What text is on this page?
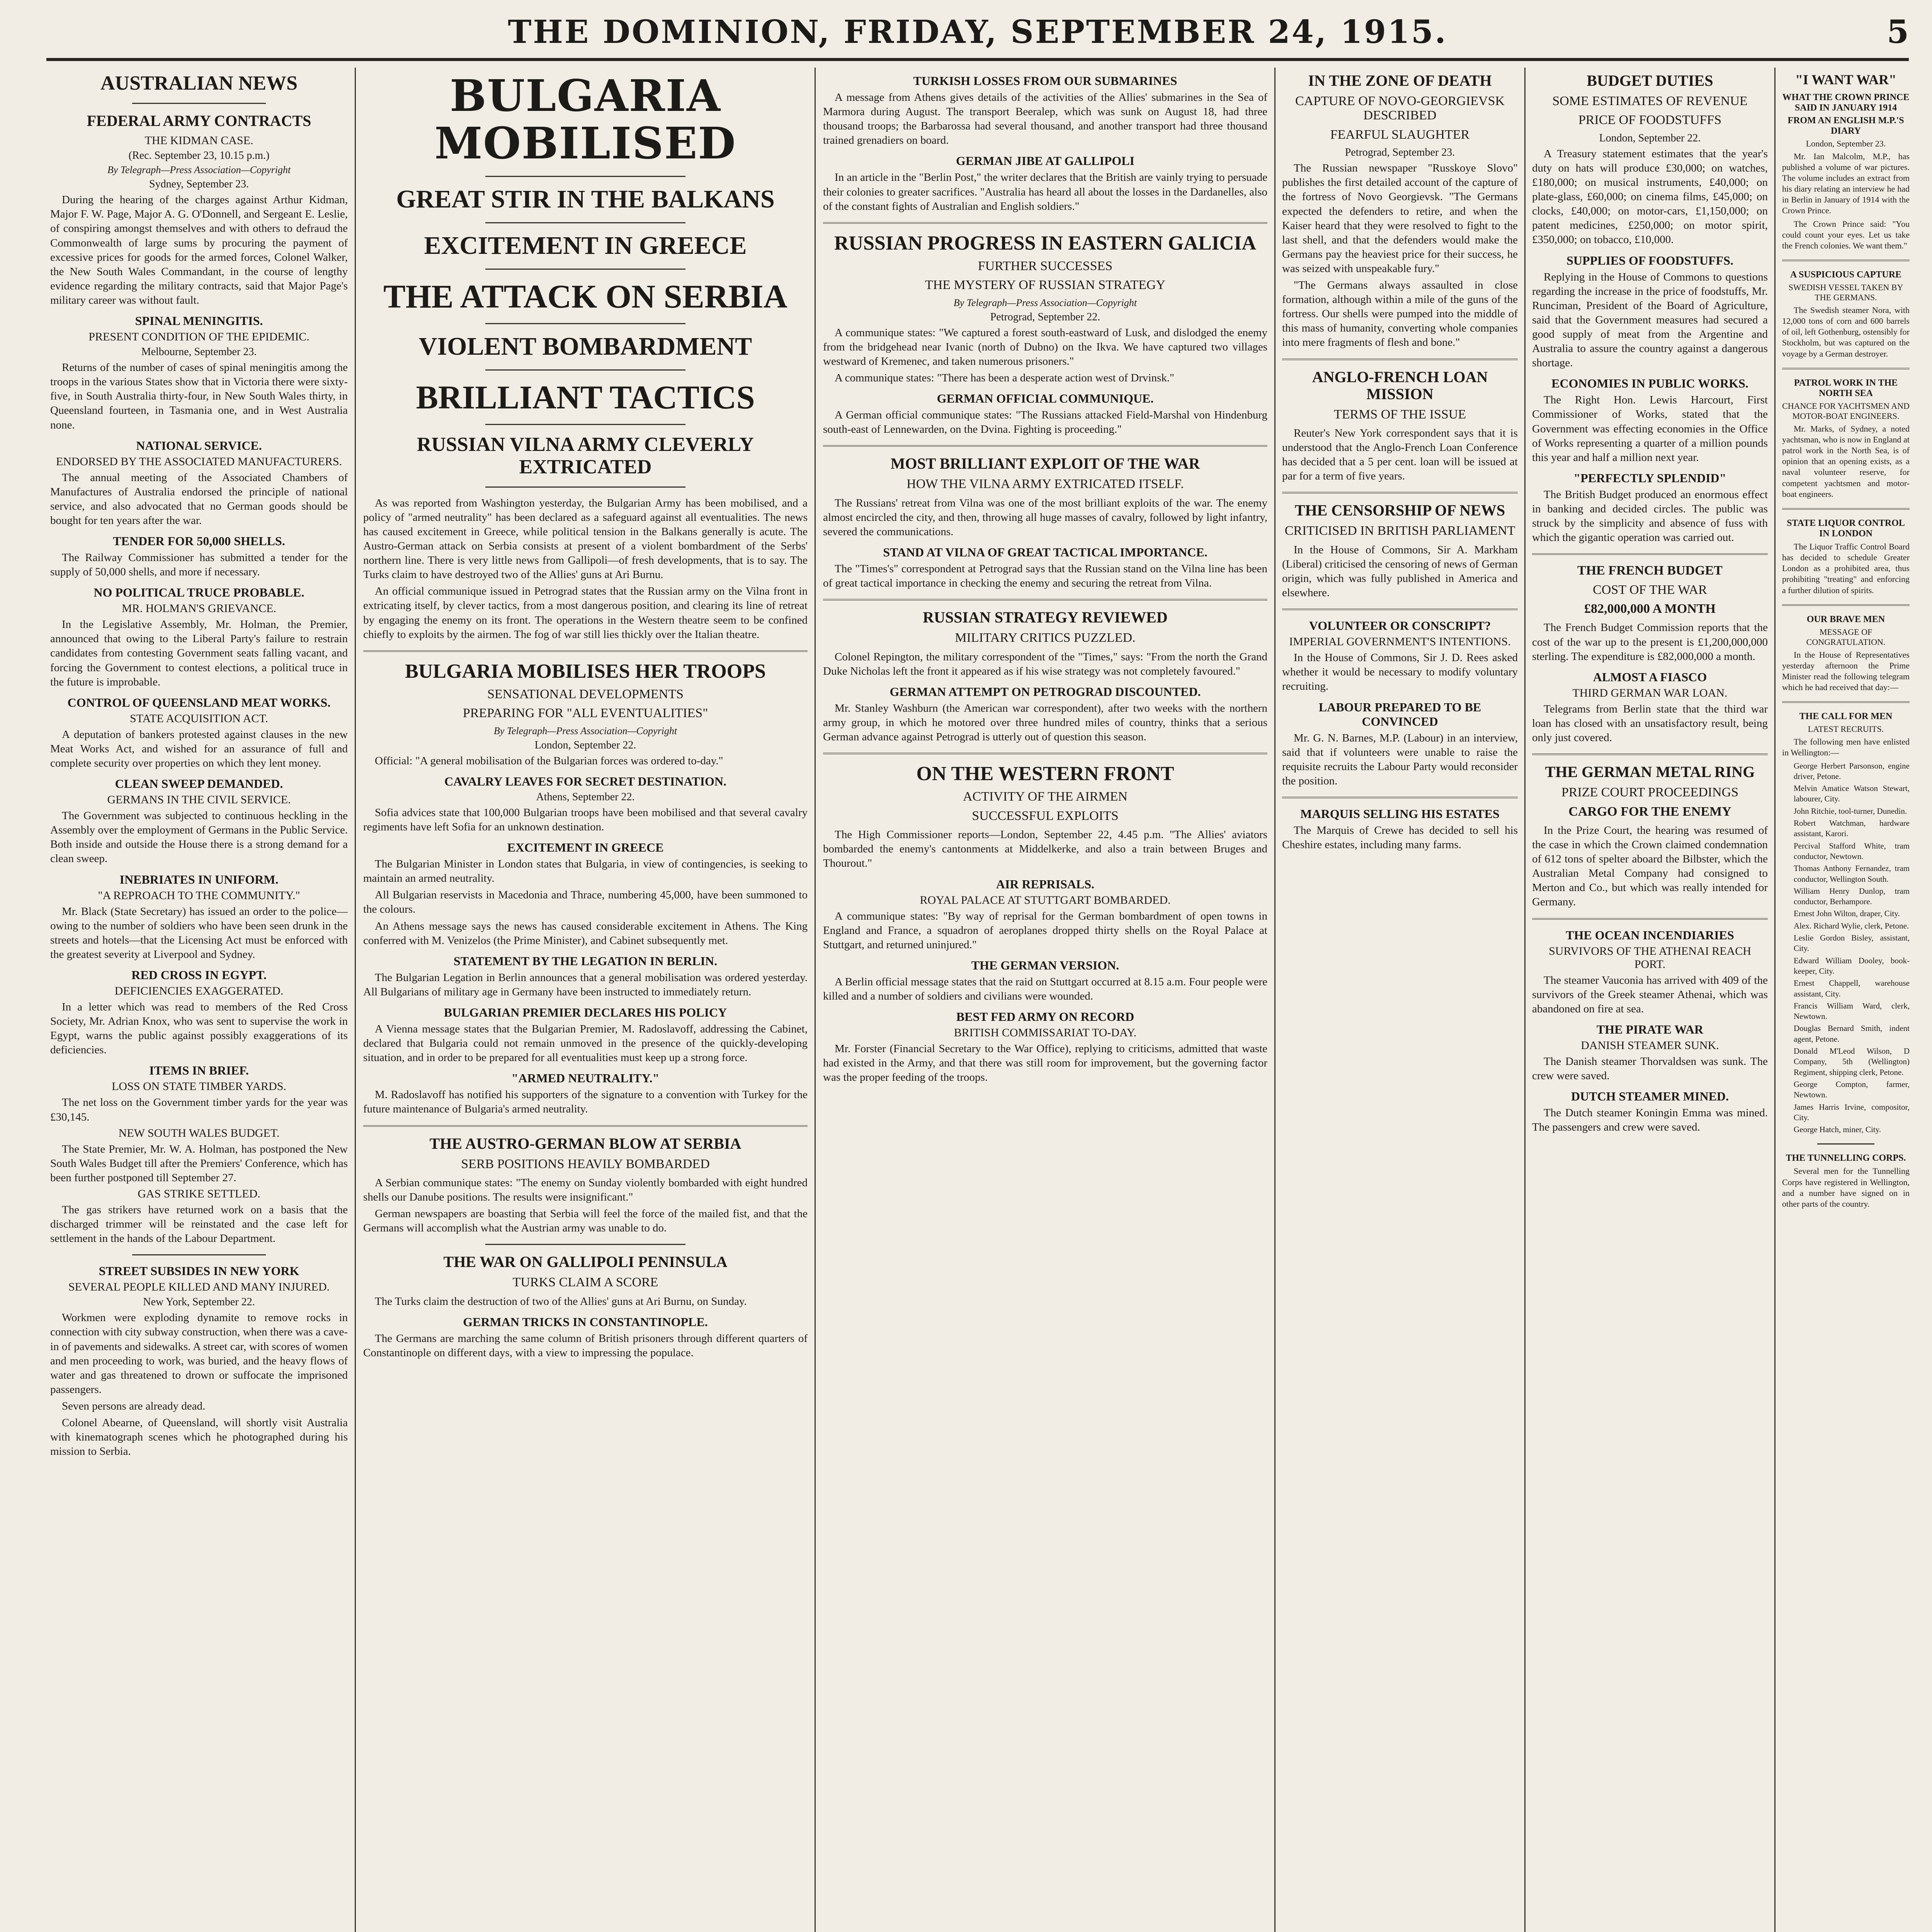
THE DOMINION, FRIDAY, SEPTEMBER 24, 1915.	5
AUSTRALIAN NEWS
FEDERAL ARMY CONTRACTS
THE KIDMAN CASE.
(Rec. September 23, 10.15 p.m.)
By Telegraph—Press Association—Copyright
Sydney, September 23.

During the hearing of the charges against Arthur Kidman, Major F. W. Page, Major A. G. O'Donnell, and Sergeant E. Leslie, of conspiring amongst themselves and with others to defraud the Commonwealth of large sums by procuring the payment of excessive prices for goods for the armed forces, Colonel Walker, the New South Wales Commandant, in the course of lengthy evidence regarding the military contracts, said that Major Page's military career was without fault.

SPINAL MENINGITIS.
PRESENT CONDITION OF THE EPIDEMIC.
Melbourne, September 23.

Returns of the number of cases of spinal meningitis among the troops in the various States show that in Victoria there were sixty-five, in South Australia thirty-four, in New South Wales thirty, in Queensland fourteen, in Tasmania one, and in West Australia none.

NATIONAL SERVICE.
ENDORSED BY THE ASSOCIATED MANUFACTURERS.

The annual meeting of the Associated Chambers of Manufactures of Australia endorsed the principle of national service, and also advocated that no German goods should be bought for ten years after the war.

TENDER FOR 50,000 SHELLS.

The Railway Commissioner has submitted a tender for the supply of 50,000 shells, and more if necessary.

NO POLITICAL TRUCE PROBABLE.
MR. HOLMAN'S GRIEVANCE.

In the Legislative Assembly, Mr. Holman, the Premier, announced that owing to the Liberal Party's failure to restrain candidates from contesting Government seats falling vacant, and forcing the Government to contest elections, a political truce in the future is improbable.

CONTROL OF QUEENSLAND MEAT WORKS.
STATE ACQUISITION ACT.

A deputation of bankers protested against clauses in the new Meat Works Act, and wished for an assurance of full and complete security over properties on which they lent money.

CLEAN SWEEP DEMANDED.
GERMANS IN THE CIVIL SERVICE.

The Government was subjected to continuous heckling in the Assembly over the employment of Germans in the Public Service. Both inside and outside the House there is a strong demand for a clean sweep.

INEBRIATES IN UNIFORM.
"A REPROACH TO THE COMMUNITY."

Mr. Black (State Secretary) has issued an order to the police—owing to the number of soldiers who have been seen drunk in the streets and hotels—that the Licensing Act must be enforced with the greatest severity at Liverpool and Sydney.

RED CROSS IN EGYPT.
DEFICIENCIES EXAGGERATED.

In a letter which was read to members of the Red Cross Society, Mr. Adrian Knox, who was sent to supervise the work in Egypt, warns the public against possibly exaggerations of its deficiencies.

ITEMS IN BRIEF.
LOSS ON STATE TIMBER YARDS.

The net loss on the Government timber yards for the year was £30,145.

NEW SOUTH WALES BUDGET.

The State Premier, Mr. W. A. Holman, has postponed the New South Wales Budget till after the Premiers' Conference, which has been further postponed till September 27.

GAS STRIKE SETTLED.

The gas strikers have returned work on a basis that the discharged trimmer will be reinstated and the case left for settlement in the hands of the Labour Department.

STREET SUBSIDES IN NEW YORK
SEVERAL PEOPLE KILLED AND MANY INJURED.
New York, September 22.

Workmen were exploding dynamite to remove rocks in connection with city subway construction, when there was a cave-in of pavements and sidewalks. A street car, with scores of women and men proceeding to work, was buried, and the heavy flows of water and gas threatened to drown or suffocate the imprisoned passengers.

Seven persons are already dead.

Colonel Abearne, of Queensland, will shortly visit Australia with kinematograph scenes which he photographed during his mission to Serbia.

BULGARIA MOBILISED
GREAT STIR IN THE BALKANS
EXCITEMENT IN GREECE
THE ATTACK ON SERBIA
VIOLENT BOMBARDMENT
BRILLIANT TACTICS
RUSSIAN VILNA ARMY CLEVERLY EXTRICATED

As was reported from Washington yesterday, the Bulgarian Army has been mobilised, and a policy of "armed neutrality" has been declared as a safeguard against all eventualities. The news has caused excitement in Greece, while political tension in the Balkans generally is acute. The Austro-German attack on Serbia consists at present of a violent bombardment of the Serbs' northern line. There is very little news from Gallipoli—of fresh developments, that is to say. The Turks claim to have destroyed two of the Allies' guns at Ari Burnu.

An official communique issued in Petrograd states that the Russian army on the Vilna front in extricating itself, by clever tactics, from a most dangerous position, and clearing its line of retreat by engaging the enemy on its front. The operations in the Western theatre seem to be confined chiefly to exploits by the airmen. The fog of war still lies thickly over the Italian theatre.

BULGARIA MOBILISES HER TROOPS
SENSATIONAL DEVELOPMENTS
PREPARING FOR "ALL EVENTUALITIES"
By Telegraph—Press Association—Copyright
London, September 22.

Official: "A general mobilisation of the Bulgarian forces was ordered to-day."

CAVALRY LEAVES FOR SECRET DESTINATION.
Athens, September 22.

Sofia advices state that 100,000 Bulgarian troops have been mobilised and that several cavalry regiments have left Sofia for an unknown destination.

EXCITEMENT IN GREECE

The Bulgarian Minister in London states that Bulgaria, in view of contingencies, is seeking to maintain an armed neutrality.

All Bulgarian reservists in Macedonia and Thrace, numbering 45,000, have been summoned to the colours.

An Athens message says the news has caused considerable excitement in Athens. The King conferred with M. Venizelos (the Prime Minister), and Cabinet subsequently met.

STATEMENT BY THE LEGATION IN BERLIN.

The Bulgarian Legation in Berlin announces that a general mobilisation was ordered yesterday. All Bulgarians of military age in Germany have been instructed to immediately return.

BULGARIAN PREMIER DECLARES HIS POLICY

A Vienna message states that the Bulgarian Premier, M. Radoslavoff, addressing the Cabinet, declared that Bulgaria could not remain unmoved in the presence of the quickly-developing situation, and in order to be prepared for all eventualities must keep up a strong force.

"ARMED NEUTRALITY."

M. Radoslavoff has notified his supporters of the signature to a convention with Turkey for the future maintenance of Bulgaria's armed neutrality.

THE AUSTRO-GERMAN BLOW AT SERBIA
SERB POSITIONS HEAVILY BOMBARDED

A Serbian communique states: "The enemy on Sunday violently bombarded with eight hundred shells our Danube positions. The results were insignificant."

German newspapers are boasting that Serbia will feel the force of the mailed fist, and that the Germans will accomplish what the Austrian army was unable to do.

THE WAR ON GALLIPOLI PENINSULA
TURKS CLAIM A SCORE

The Turks claim the destruction of two of the Allies' guns at Ari Burnu, on Sunday.

GERMAN TRICKS IN CONSTANTINOPLE.

The Germans are marching the same column of British prisoners through different quarters of Constantinople on different days, with a view to impressing the populace.

TURKISH LOSSES FROM OUR SUBMARINES

A message from Athens gives details of the activities of the Allies' submarines in the Sea of Marmora during August. The transport Beeralep, which was sunk on August 18, had three thousand troops; the Barbarossa had several thousand, and another transport had three thousand trained grenadiers on board.

GERMAN JIBE AT GALLIPOLI

In an article in the "Berlin Post," the writer declares that the British are vainly trying to persuade their colonies to greater sacrifices. "Australia has heard all about the losses in the Dardanelles, also of the constant fights of Australian and English soldiers."

RUSSIAN PROGRESS IN EASTERN GALICIA
FURTHER SUCCESSES
THE MYSTERY OF RUSSIAN STRATEGY
By Telegraph—Press Association—Copyright
Petrograd, September 22.

A communique states: "We captured a forest south-eastward of Lusk, and dislodged the enemy from the bridgehead near Ivanic (north of Dubno) on the Ikva. We have captured two villages westward of Kremenec, and taken numerous prisoners."

A communique states: "There has been a desperate action west of Drvinsk."

GERMAN OFFICIAL COMMUNIQUE.

A German official communique states: "The Russians attacked Field-Marshal von Hindenburg south-east of Lennewarden, on the Dvina. Fighting is proceeding."

MOST BRILLIANT EXPLOIT OF THE WAR
HOW THE VILNA ARMY EXTRICATED ITSELF.

The Russians' retreat from Vilna was one of the most brilliant exploits of the war. The enemy almost encircled the city, and then, throwing all huge masses of cavalry, followed by light infantry, severed the communications.

STAND AT VILNA OF GREAT TACTICAL IMPORTANCE.

The "Times's" correspondent at Petrograd says that the Russian stand on the Vilna line has been of great tactical importance in checking the enemy and securing the retreat from Vilna.

RUSSIAN STRATEGY REVIEWED
MILITARY CRITICS PUZZLED.

Colonel Repington, the military correspondent of the "Times," says: "From the north the Grand Duke Nicholas left the front it appeared as if his wise strategy was not completely favoured."

GERMAN ATTEMPT ON PETROGRAD DISCOUNTED.

Mr. Stanley Washburn (the American war correspondent), after two weeks with the northern army group, in which he motored over three hundred miles of country, thinks that a serious German advance against Petrograd is utterly out of question this season.

ON THE WESTERN FRONT
ACTIVITY OF THE AIRMEN
SUCCESSFUL EXPLOITS

The High Commissioner reports—London, September 22, 4.45 p.m. "The Allies' aviators bombarded the enemy's cantonments at Middelkerke, and also a train between Bruges and Thourout."

AIR REPRISALS.
ROYAL PALACE AT STUTTGART BOMBARDED.

A communique states: "By way of reprisal for the German bombardment of open towns in England and France, a squadron of aeroplanes dropped thirty shells on the Royal Palace at Stuttgart, and returned uninjured."

THE GERMAN VERSION.

A Berlin official message states that the raid on Stuttgart occurred at 8.15 a.m. Four people were killed and a number of soldiers and civilians were wounded.

BEST FED ARMY ON RECORD
BRITISH COMMISSARIAT TO-DAY.

Mr. Forster (Financial Secretary to the War Office), replying to criticisms, admitted that waste had existed in the Army, and that there was still room for improvement, but the governing factor was the proper feeding of the troops.

IN THE ZONE OF DEATH
CAPTURE OF NOVO-GEORGIEVSK DESCRIBED
FEARFUL SLAUGHTER
Petrograd, September 23.

The Russian newspaper "Russkoye Slovo" publishes the first detailed account of the capture of the fortress of Novo Georgievsk. "The Germans expected the defenders to retire, and when the Kaiser heard that they were resolved to fight to the last shell, and that the defenders would make the Germans pay the heaviest price for their success, he was seized with unspeakable fury."

"The Germans always assaulted in close formation, although within a mile of the guns of the fortress. Our shells were pumped into the middle of this mass of humanity, converting whole companies into mere fragments of flesh and bone."

ANGLO-FRENCH LOAN MISSION
TERMS OF THE ISSUE

Reuter's New York correspondent says that it is understood that the Anglo-French Loan Conference has decided that a 5 per cent. loan will be issued at par for a term of five years.

THE CENSORSHIP OF NEWS
CRITICISED IN BRITISH PARLIAMENT

In the House of Commons, Sir A. Markham (Liberal) criticised the censoring of news of German origin, which was fully published in America and elsewhere.

VOLUNTEER OR CONSCRIPT?
IMPERIAL GOVERNMENT'S INTENTIONS.

In the House of Commons, Sir J. D. Rees asked whether it would be necessary to modify voluntary recruiting.

LABOUR PREPARED TO BE CONVINCED

Mr. G. N. Barnes, M.P. (Labour) in an interview, said that if volunteers were unable to raise the requisite recruits the Labour Party would reconsider the position.

MARQUIS SELLING HIS ESTATES

The Marquis of Crewe has decided to sell his Cheshire estates, including many farms.

BUDGET DUTIES
SOME ESTIMATES OF REVENUE
PRICE OF FOODSTUFFS
London, September 22.

A Treasury statement estimates that the year's duty on hats will produce £30,000; on watches, £180,000; on musical instruments, £40,000; on plate-glass, £60,000; on cinema films, £45,000; on clocks, £40,000; on motor-cars, £1,150,000; on patent medicines, £250,000; on motor spirit, £350,000; on tobacco, £10,000.

SUPPLIES OF FOODSTUFFS.

Replying in the House of Commons to questions regarding the increase in the price of foodstuffs, Mr. Runciman, President of the Board of Agriculture, said that the Government measures had secured a good supply of meat from the Argentine and Australia to assure the country against a dangerous shortage.

ECONOMIES IN PUBLIC WORKS.

The Right Hon. Lewis Harcourt, First Commissioner of Works, stated that the Government was effecting economies in the Office of Works representing a quarter of a million pounds this year and half a million next year.

"PERFECTLY SPLENDID"

The British Budget produced an enormous effect in banking and decided circles. The public was struck by the simplicity and absence of fuss with which the gigantic operation was carried out.

THE FRENCH BUDGET
COST OF THE WAR
£82,000,000 A MONTH

The French Budget Commission reports that the cost of the war up to the present is £1,200,000,000 sterling. The expenditure is £82,000,000 a month.

ALMOST A FIASCO
THIRD GERMAN WAR LOAN.

Telegrams from Berlin state that the third war loan has closed with an unsatisfactory result, being only just covered.

THE GERMAN METAL RING
PRIZE COURT PROCEEDINGS
CARGO FOR THE ENEMY

In the Prize Court, the hearing was resumed of the case in which the Crown claimed condemnation of 612 tons of spelter aboard the Bilbster, which the Australian Metal Company had consigned to Merton and Co., but which was really intended for Germany.

THE OCEAN INCENDIARIES
SURVIVORS OF THE ATHENAI REACH PORT.

The steamer Vauconia has arrived with 409 of the survivors of the Greek steamer Athenai, which was abandoned on fire at sea.

THE PIRATE WAR
DANISH STEAMER SUNK.

The Danish steamer Thorvaldsen was sunk. The crew were saved.

DUTCH STEAMER MINED.

The Dutch steamer Koningin Emma was mined. The passengers and crew were saved.

"I WANT WAR"
WHAT THE CROWN PRINCE SAID IN JANUARY 1914
FROM AN ENGLISH M.P.'S DIARY
London, September 23.

Mr. Ian Malcolm, M.P., has published a volume of war pictures. The volume includes an extract from his diary relating an interview he had in Berlin in January of 1914 with the Crown Prince.

The Crown Prince said: "You could count your eyes. Let us take the French colonies. We want them."

A SUSPICIOUS CAPTURE
SWEDISH VESSEL TAKEN BY THE GERMANS.

The Swedish steamer Nora, with 12,000 tons of corn and 600 barrels of oil, left Gothenburg, ostensibly for Stockholm, but was captured on the voyage by a German destroyer.

PATROL WORK IN THE NORTH SEA
CHANCE FOR YACHTSMEN AND MOTOR-BOAT ENGINEERS.

Mr. Marks, of Sydney, a noted yachtsman, who is now in England at patrol work in the North Sea, is of opinion that an opening exists, as a naval volunteer reserve, for competent yachtsmen and motor-boat engineers.

STATE LIQUOR CONTROL IN LONDON

The Liquor Traffic Control Board has decided to schedule Greater London as a prohibited area, thus prohibiting "treating" and enforcing a further dilution of spirits.

OUR BRAVE MEN
MESSAGE OF CONGRATULATION.

In the House of Representatives yesterday afternoon the Prime Minister read the following telegram which he had received that day:—

THE CALL FOR MEN
LATEST RECRUITS.

The following men have enlisted in Wellington:—

George Herbert Parsonson, engine driver, Petone.

Melvin Amatice Watson Stewart, labourer, City.

John Ritchie, tool-turner, Dunedin.

Robert Watchman, hardware assistant, Karori.

Percival Stafford White, tram conductor, Newtown.

Thomas Anthony Fernandez, tram conductor, Wellington South.

William Henry Dunlop, tram conductor, Berhampore.

Ernest John Wilton, draper, City.

Alex. Richard Wylie, clerk, Petone.

Leslie Gordon Bisley, assistant, City.

Edward William Dooley, book-keeper, City.

Ernest Chappell, warehouse assistant, City.

Francis William Ward, clerk, Newtown.

Douglas Bernard Smith, indent agent, Petone.

Donald M'Leod Wilson, D Company, 5th (Wellington) Regiment, shipping clerk, Petone.

George Compton, farmer, Newtown.

James Harris Irvine, compositor, City.

George Hatch, miner, City.

THE TUNNELLING CORPS.

Several men for the Tunnelling Corps have registered in Wellington, and a number have signed on in other parts of the country.
